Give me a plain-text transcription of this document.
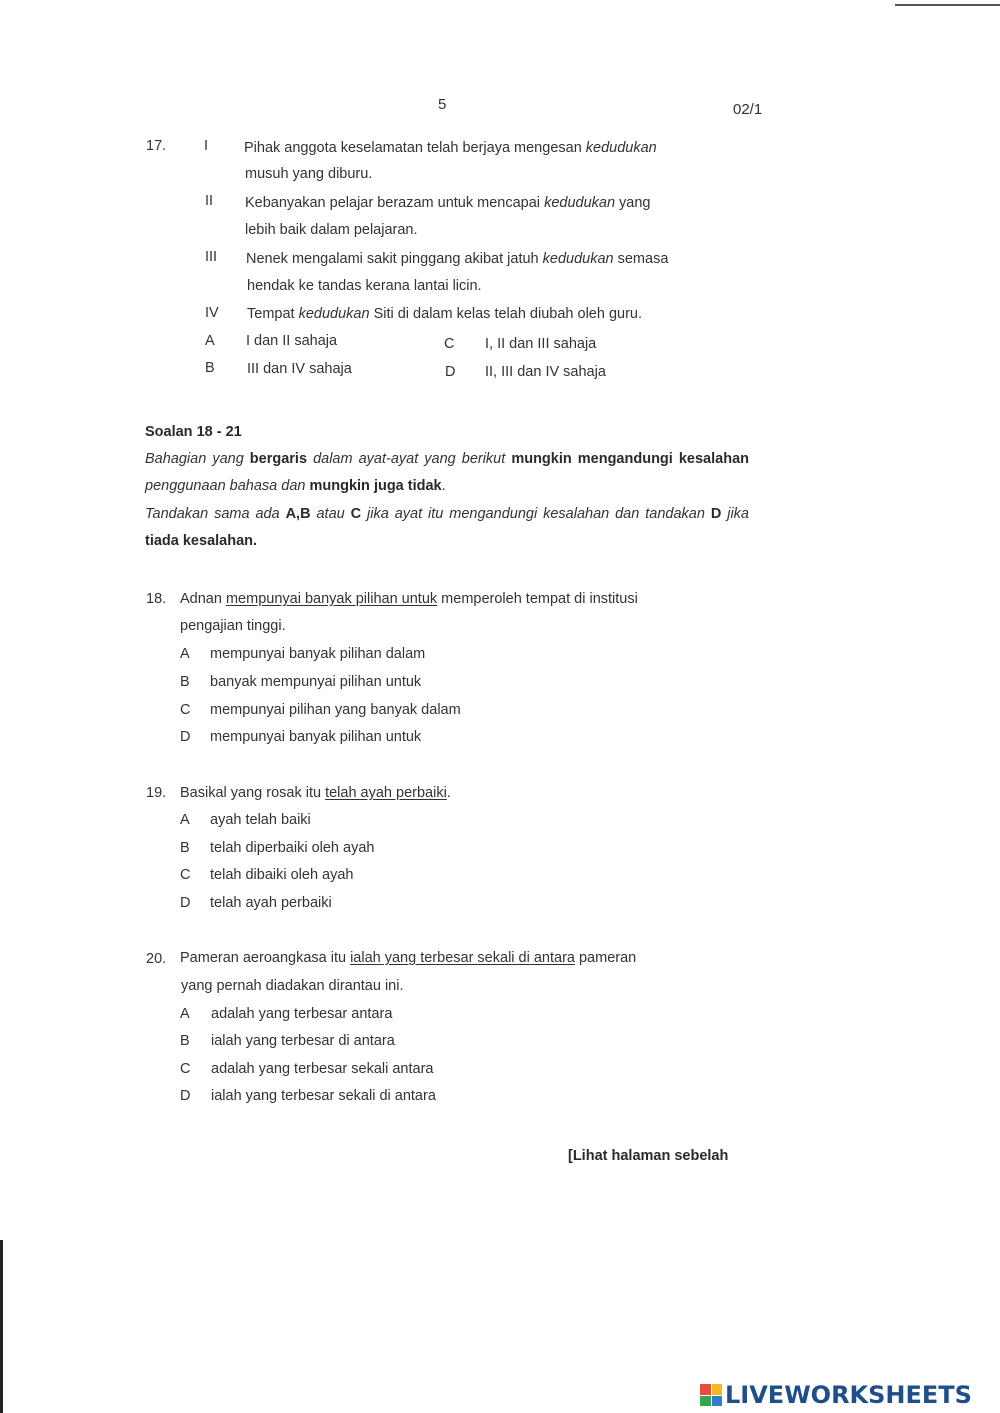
5	02/1
17.	I Pihak anggota keselamatan telah berjaya mengesan kedudukan
musuh yang diburu.
II Kebanyakan pelajar berazam untuk mencapai kedudukan yang
lebih baik dalam pelajaran.
III Nenek mengalami sakit pinggang akibat jatuh kedudukan semasa
hendak ke tandas kerana lantai licin.
IV Tempat kedudukan Siti di dalam kelas telah diubah oleh guru.
A I dan II sahaja
B III dan IV sahaja
C I, II dan III sahaja
D II, III dan IV sahaja
Soalan 18 - 21
Bahagian yang bergaris dalam ayat-ayat yang berikut mungkin mengandungi kesalahan penggunaan bahasa dan mungkin juga tidak.
Tandakan sama ada A,B atau C jika ayat itu mengandungi kesalahan dan tandakan D jika tiada kesalahan.
18. Adnan mempunyai banyak pilihan untuk memperoleh tempat di institusi
pengajian tinggi.
A mempunyai banyak pilihan dalam
B banyak mempunyai pilihan untuk
C mempunyai pilihan yang banyak dalam
D mempunyai banyak pilihan untuk
19. Basikal yang rosak itu telah ayah perbaiki.
A ayah telah baiki
B telah diperbaiki oleh ayah
C telah dibaiki oleh ayah
D telah ayah perbaiki
20. Pameran aeroangkasa itu ialah yang terbesar sekali di antara pameran
yang pernah diadakan dirantau ini.
A adalah yang terbesar antara
B ialah yang terbesar di antara
C adalah yang terbesar sekali antara
D ialah yang terbesar sekali di antara
[Lihat halaman sebelah
LIVEWORKSHEETS
